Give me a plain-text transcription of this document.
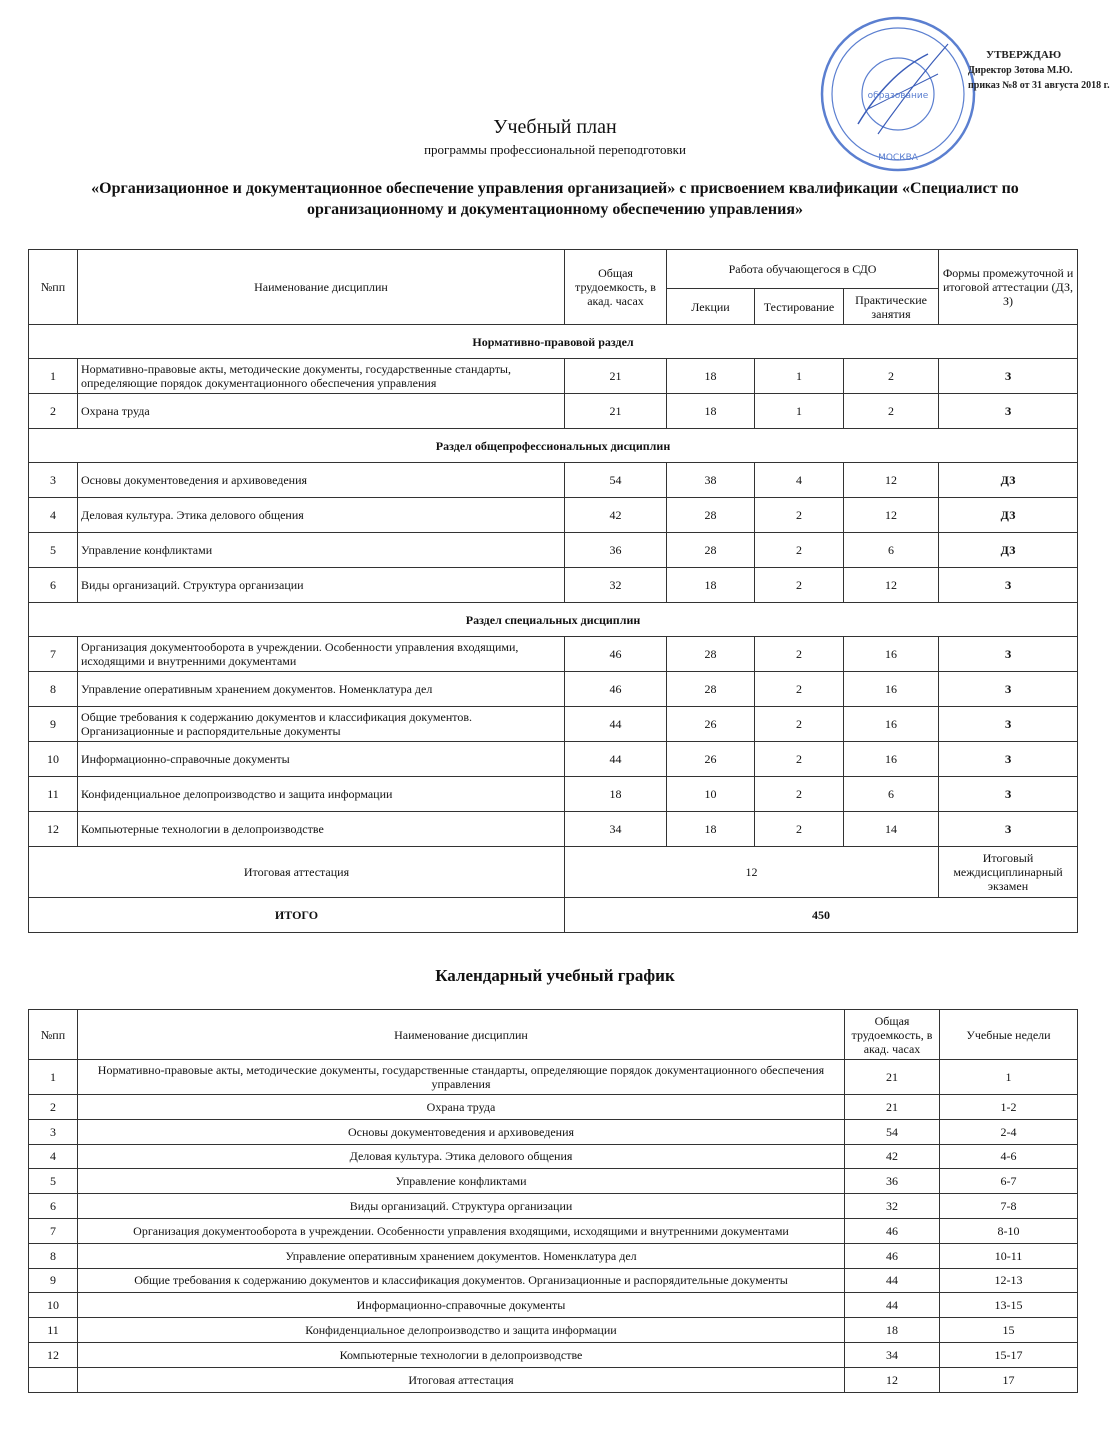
образование
МОСКВА
УТВЕРЖДАЮ
Директор Зотова М.Ю.
приказ №8 от 31 августа 2018 г.
Учебный план
программы профессиональной переподготовки
«Организационное и документационное обеспечение управления организацией» с присвоением квалификации «Специалист по организационному и документационному обеспечению управления»
№пп	Наименование дисциплин	Общая трудоемкость, в акад. часах	Работа обучающегося в СДО			Формы промежуточной и итоговой аттестации (ДЗ, З)
			Лекции	Тестирование	Практические занятия	
Нормативно-правовой раздел						
1	Нормативно-правовые акты, методические документы, государственные стандарты, определяющие порядок документационного обеспечения управления	21	18	1	2	З
2	Охрана труда	21	18	1	2	З
Раздел общепрофессиональных дисциплин						
3	Основы документоведения и архивоведения	54	38	4	12	ДЗ
4	Деловая культура. Этика делового общения	42	28	2	12	ДЗ
5	Управление конфликтами	36	28	2	6	ДЗ
6	Виды организаций. Структура организации	32	18	2	12	З
Раздел специальных дисциплин						
7	Организация документооборота в учреждении. Особенности управления входящими, исходящими и внутренними документами	46	28	2	16	З
8	Управление оперативным хранением документов. Номенклатура дел	46	28	2	16	З
9	Общие требования к содержанию документов и классификация документов. Организационные и распорядительные документы	44	26	2	16	З
10	Информационно-справочные документы	44	26	2	16	З
11	Конфиденциальное делопроизводство и защита информации	18	10	2	6	З
12	Компьютерные технологии в делопроизводстве	34	18	2	14	З
Итоговая аттестация		12				Итоговый междисциплинарный экзамен
ИТОГО		450				
Календарный учебный график
№пп	Наименование дисциплин	Общая трудоемкость, в акад. часах	Учебные недели
1	Нормативно-правовые акты, методические документы, государственные стандарты, определяющие порядок документационного обеспечения управления	21	1
2	Охрана труда	21	1-2
3	Основы документоведения и архивоведения	54	2-4
4	Деловая культура. Этика делового общения	42	4-6
5	Управление конфликтами	36	6-7
6	Виды организаций. Структура организации	32	7-8
7	Организация документооборота в учреждении. Особенности управления входящими, исходящими и внутренними документами	46	8-10
8	Управление оперативным хранением документов. Номенклатура дел	46	10-11
9	Общие требования к содержанию документов и классификация документов. Организационные и распорядительные документы	44	12-13
10	Информационно-справочные документы	44	13-15
11	Конфиденциальное делопроизводство и защита информации	18	15
12	Компьютерные технологии в делопроизводстве	34	15-17
	Итоговая аттестация	12	17
